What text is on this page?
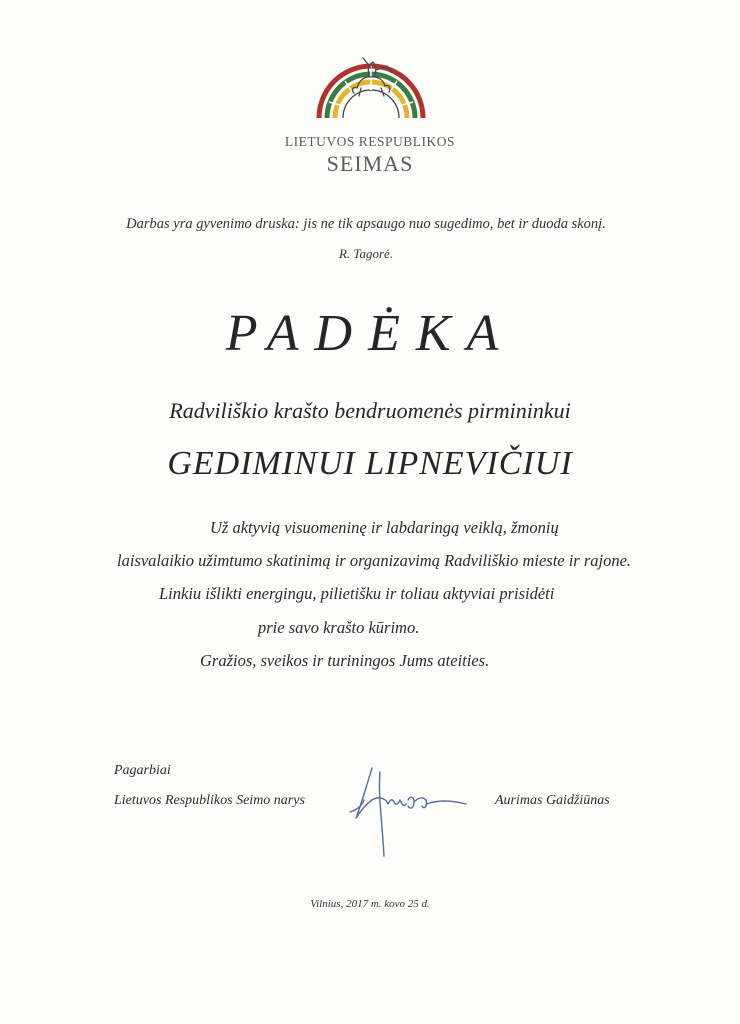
LIETUVOS RESPUBLIKOS
SEIMAS
Darbas yra gyvenimo druska: jis ne tik apsaugo nuo sugedimo, bet ir duoda skonį.
R. Tagorė.
PADĖKA
Radviliškio krašto bendruomenės pirmininkui
GEDIMINUI LIPNEVIČIUI
Už aktyvią visuomeninę ir labdaringą veiklą, žmonių
laisvalaikio užimtumo skatinimą ir organizavimą Radviliškio mieste ir rajone.
Linkiu išlikti energingu, pilietišku ir toliau aktyviai prisidėti
prie savo krašto kūrimo.
Gražios, sveikos ir turiningos Jums ateities.
Pagarbiai
Lietuvos Respublikos Seimo narys	Aurimas Gaidžiūnas
Vilnius, 2017 m. kovo 25 d.
